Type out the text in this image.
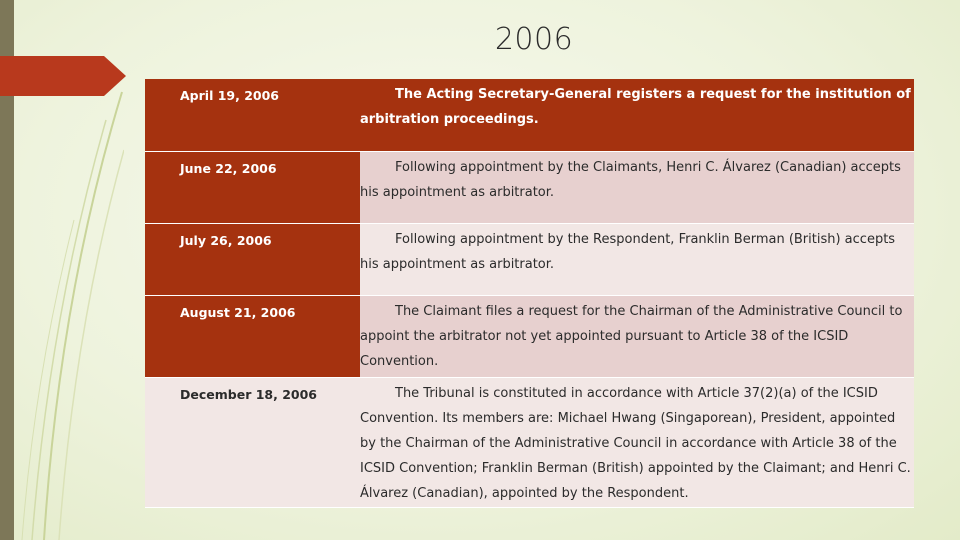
2006
April 19, 2006	The Acting Secretary-General registers a request for the institution of arbitration proceedings.
June 22, 2006	Following appointment by the Claimants, Henri C. Álvarez (Canadian) accepts his appointment as arbitrator.
July 26, 2006	Following appointment by the Respondent, Franklin Berman (British) accepts his appointment as arbitrator.
August 21, 2006	The Claimant files a request for the Chairman of the Administrative Council to appoint the arbitrator not yet appointed pursuant to Article 38 of the ICSID Convention.
December 18, 2006	The Tribunal is constituted in accordance with Article 37(2)(a) of the ICSID Convention. Its members are: Michael Hwang (Singaporean), President, appointed by the Chairman of the Administrative Council in accordance with Article 38 of the ICSID Convention; Franklin Berman (British) appointed by the Claimant; and Henri C. Álvarez (Canadian), appointed by the Respondent.
